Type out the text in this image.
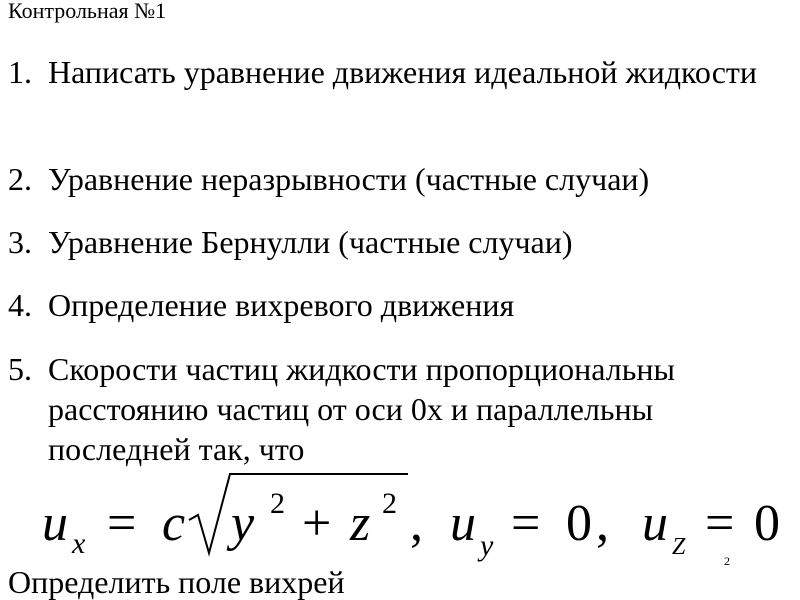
Контрольная №1
1. Написать уравнение движения идеальной жидкости
2. Уравнение неразрывности (частные случаи)
3. Уравнение Бернулли (частные случаи)
4. Определение вихревого движения
5. Скорости частиц жидкости пропорциональны расстоянию частиц от оси 0x и параллельны последней так, что
u x = c y 2 + z 2 , u y = 0 , u Z = 0
Определить поле вихрей
2
